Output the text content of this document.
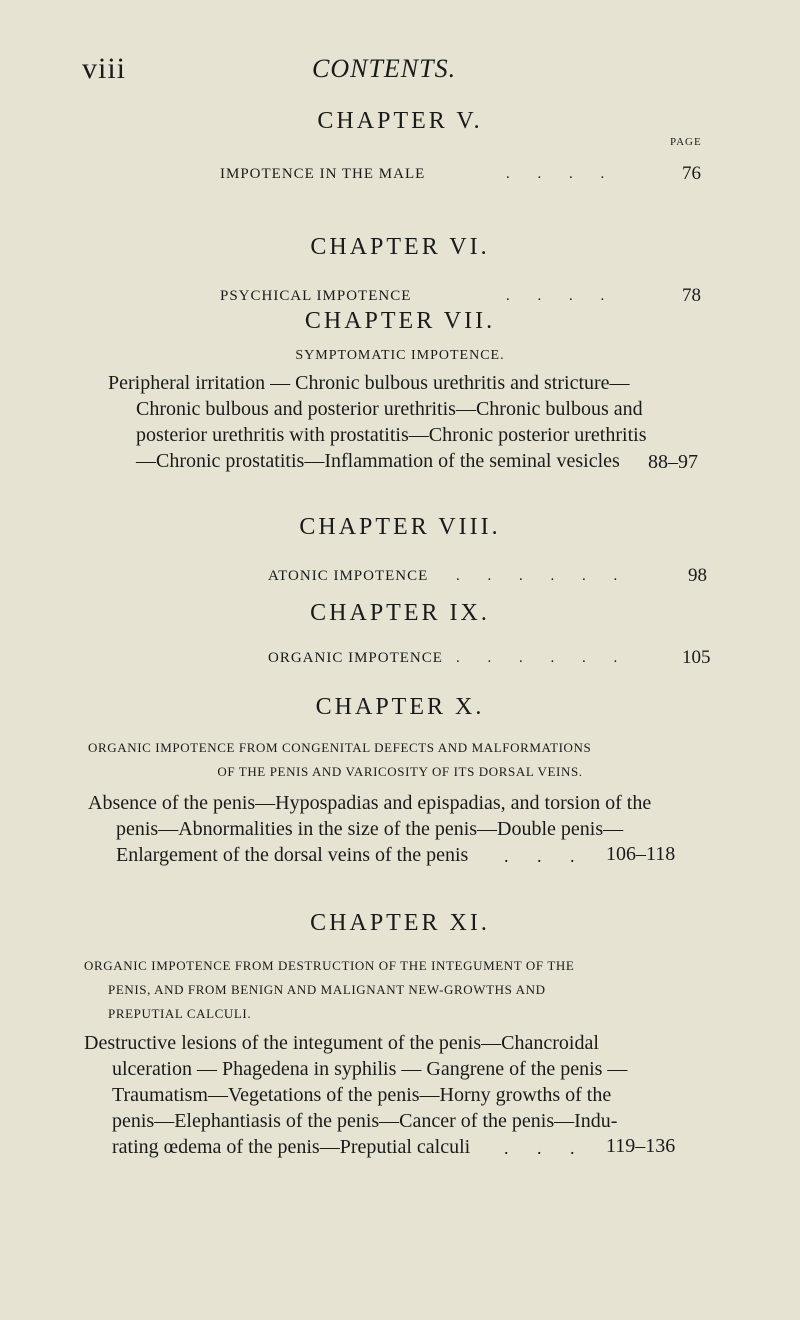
viii	CONTENTS.
CHAPTER V.
PAGE
IMPOTENCE IN THE MALE	. . . .	76
CHAPTER VI.
PSYCHICAL IMPOTENCE	. . . .	78
CHAPTER VII.
SYMPTOMATIC IMPOTENCE.
Peripheral irritation — Chronic bulbous urethritis and stricture—
Chronic bulbous and posterior urethritis—Chronic bulbous and
posterior urethritis with prostatitis—Chronic posterior urethritis
—Chronic prostatitis—Inflammation of the seminal vesicles	88–97
CHAPTER VIII.
ATONIC IMPOTENCE . . . . . .	98
CHAPTER IX.
ORGANIC IMPOTENCE . . . . . .	105
CHAPTER X.
ORGANIC IMPOTENCE FROM CONGENITAL DEFECTS AND MALFORMATIONS
OF THE PENIS AND VARICOSITY OF ITS DORSAL VEINS.
Absence of the penis—Hypospadias and epispadias, and torsion of the
penis—Abnormalities in the size of the penis—Double penis—
Enlargement of the dorsal veins of the penis	. . . 106–118
CHAPTER XI.
ORGANIC IMPOTENCE FROM DESTRUCTION OF THE INTEGUMENT OF THE
PENIS, AND FROM BENIGN AND MALIGNANT NEW-GROWTHS AND
PREPUTIAL CALCULI.
Destructive lesions of the integument of the penis—Chancroidal
ulceration — Phagedena in syphilis — Gangrene of the penis —
Traumatism—Vegetations of the penis—Horny growths of the
penis—Elephantiasis of the penis—Cancer of the penis—Indu-
rating œdema of the penis—Preputial calculi	. . . 119–136
